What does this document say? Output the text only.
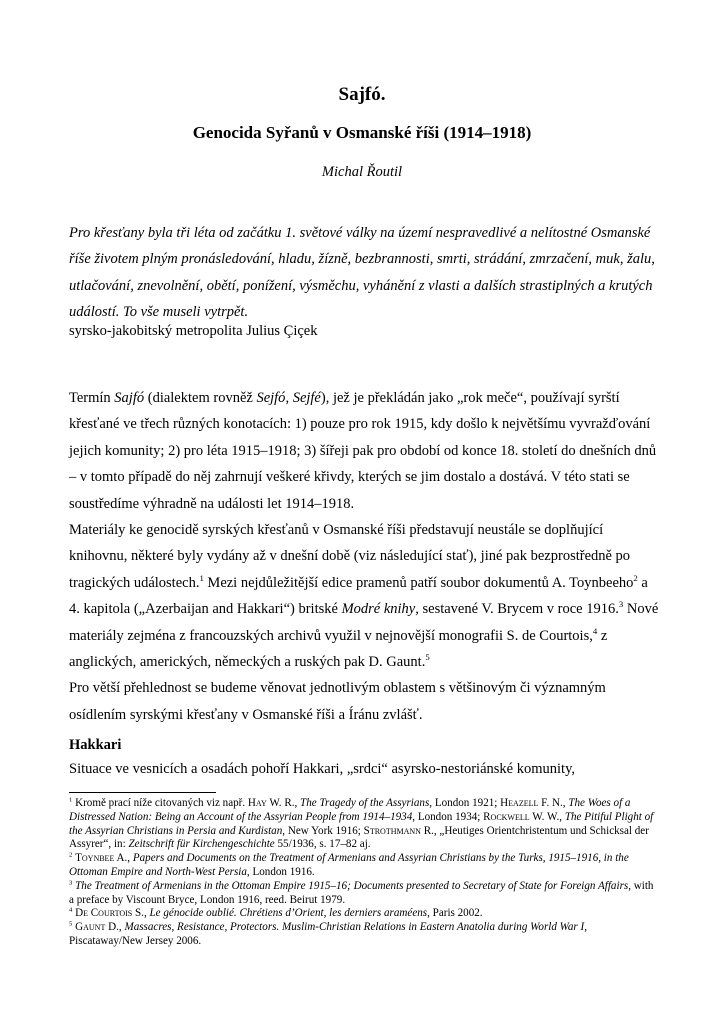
Sajfó.
Genocida Syřanů v Osmanské říši (1914–1918)
Michal Řoutil
Pro křesťany byla tři léta od začátku 1. světové války na území nespravedlivé a nelítostné Osmanské říše životem plným pronásledování, hladu, žízně, bezbrannosti, smrti, strádání, zmrzačení, muk, žalu, utlačování, znevolnění, obětí, ponížení, výsměchu, vyhánění z vlasti a dalších strastiplných a krutých událostí. To vše museli vytrpět.
syrsko-jakobitský metropolita Julius Çiçek

Termín Sajfó (dialektem rovněž Sejfó, Sejfé), jež je překládán jako „rok meče“, používají syrští křesťané ve třech různých konotacích: 1) pouze pro rok 1915, kdy došlo k největšímu vyvražďování jejich komunity; 2) pro léta 1915–1918; 3) šířeji pak pro období od konce 18. století do dnešních dnů – v tomto případě do něj zahrnují veškeré křivdy, kterých se jim dostalo a dostává. V této stati se soustředíme výhradně na události let 1914–1918.

Materiály ke genocidě syrských křesťanů v Osmanské říši představují neustále se doplňující knihovnu, některé byly vydány až v dnešní době (viz následující stať), jiné pak bezprostředně po tragických událostech.$^1$ Mezi nejdůležitější edice pramenů patří soubor dokumentů A. Toynbeeho$^2$ a 4. kapitola („Azerbaijan and Hakkari“) britské Modré knihy, sestavené V. Brycem v roce 1916.$^3$ Nové materiály zejména z francouzských archivů využil v nejnovější monografii S. de Courtois,$^4$ z anglických, amerických, německých a ruských pak D. Gaunt.$^5$

Pro větší přehlednost se budeme věnovat jednotlivým oblastem s většinovým či významným osídlením syrskými křesťany v Osmanské říši a Íránu zvlášť.

Hakkari
Situace ve vesnicích a osadách pohoří Hakkari, „srdci“ asyrsko-nestoriánské komunity,
$^1$ Kromě prací níže citovaných viz např. Hay W. R., The Tragedy of the Assyrians, London 1921; Heazell F. N., The Woes of a Distressed Nation: Being an Account of the Assyrian People from 1914–1934, London 1934; Rockwell W. W., The Pitiful Plight of the Assyrian Christians in Persia and Kurdistan, New York 1916; Strothmann R., „Heutiges Orientchristentum und Schicksal der Assyrer“, in: Zeitschrift für Kirchengeschichte 55/1936, s. 17–82 aj.
$^2$ Toynbee A., Papers and Documents on the Treatment of Armenians and Assyrian Christians by the Turks, 1915–1916, in the Ottoman Empire and North-West Persia, London 1916.
$^3$ The Treatment of Armenians in the Ottoman Empire 1915–16; Documents presented to Secretary of State for Foreign Affairs, with a preface by Viscount Bryce, London 1916, reed. Beirut 1979.
$^4$ De Courtois S., Le génocide oublié. Chrétiens d’Orient, les derniers araméens, Paris 2002.
$^5$ Gaunt D., Massacres, Resistance, Protectors. Muslim-Christian Relations in Eastern Anatolia during World War I, Piscataway/New Jersey 2006.
